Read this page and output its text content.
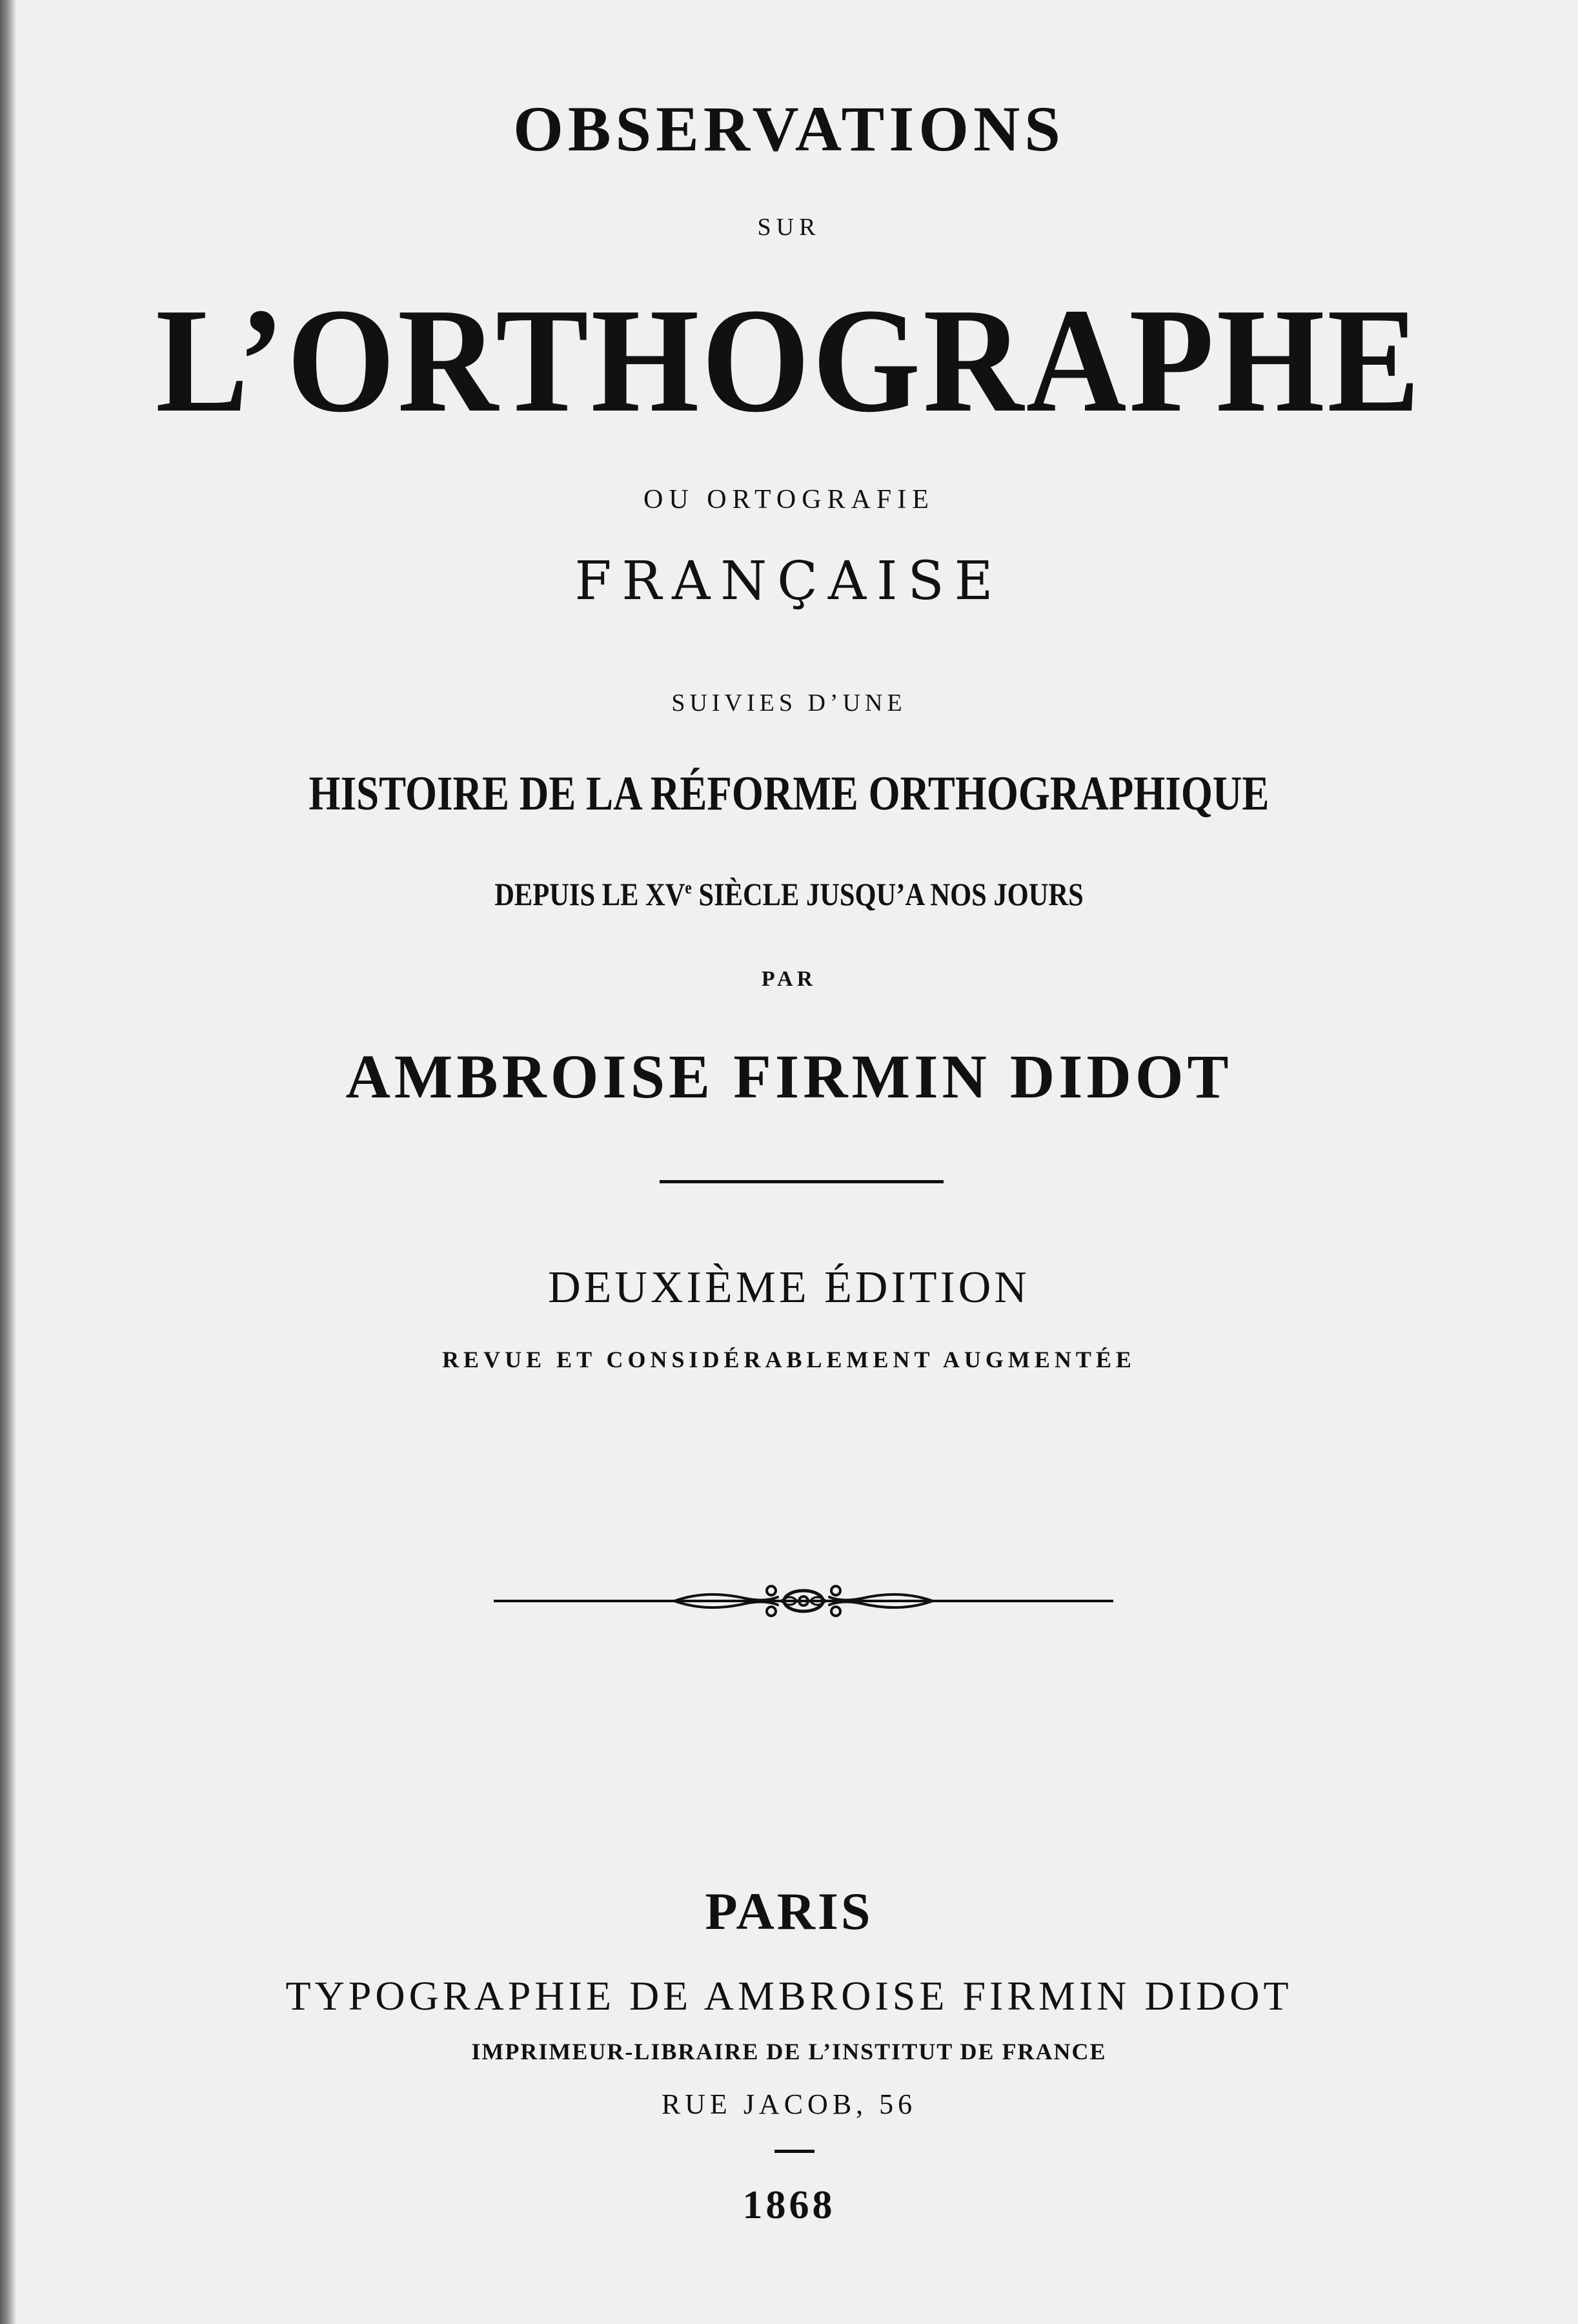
OBSERVATIONS

SUR

L’ORTHOGRAPHE

OU ORTOGRAFIE

FRANÇAISE

SUIVIES D’UNE

HISTOIRE DE LA RÉFORME ORTHOGRAPHIQUE

DEPUIS LE XVe SIÈCLE JUSQU’A NOS JOURS

PAR

AMBROISE FIRMIN DIDOT

DEUXIÈME ÉDITION

REVUE ET CONSIDÉRABLEMENT AUGMENTÉE

PARIS

TYPOGRAPHIE DE AMBROISE FIRMIN DIDOT

IMPRIMEUR-LIBRAIRE DE L’INSTITUT DE FRANCE

RUE JACOB, 56

1868
